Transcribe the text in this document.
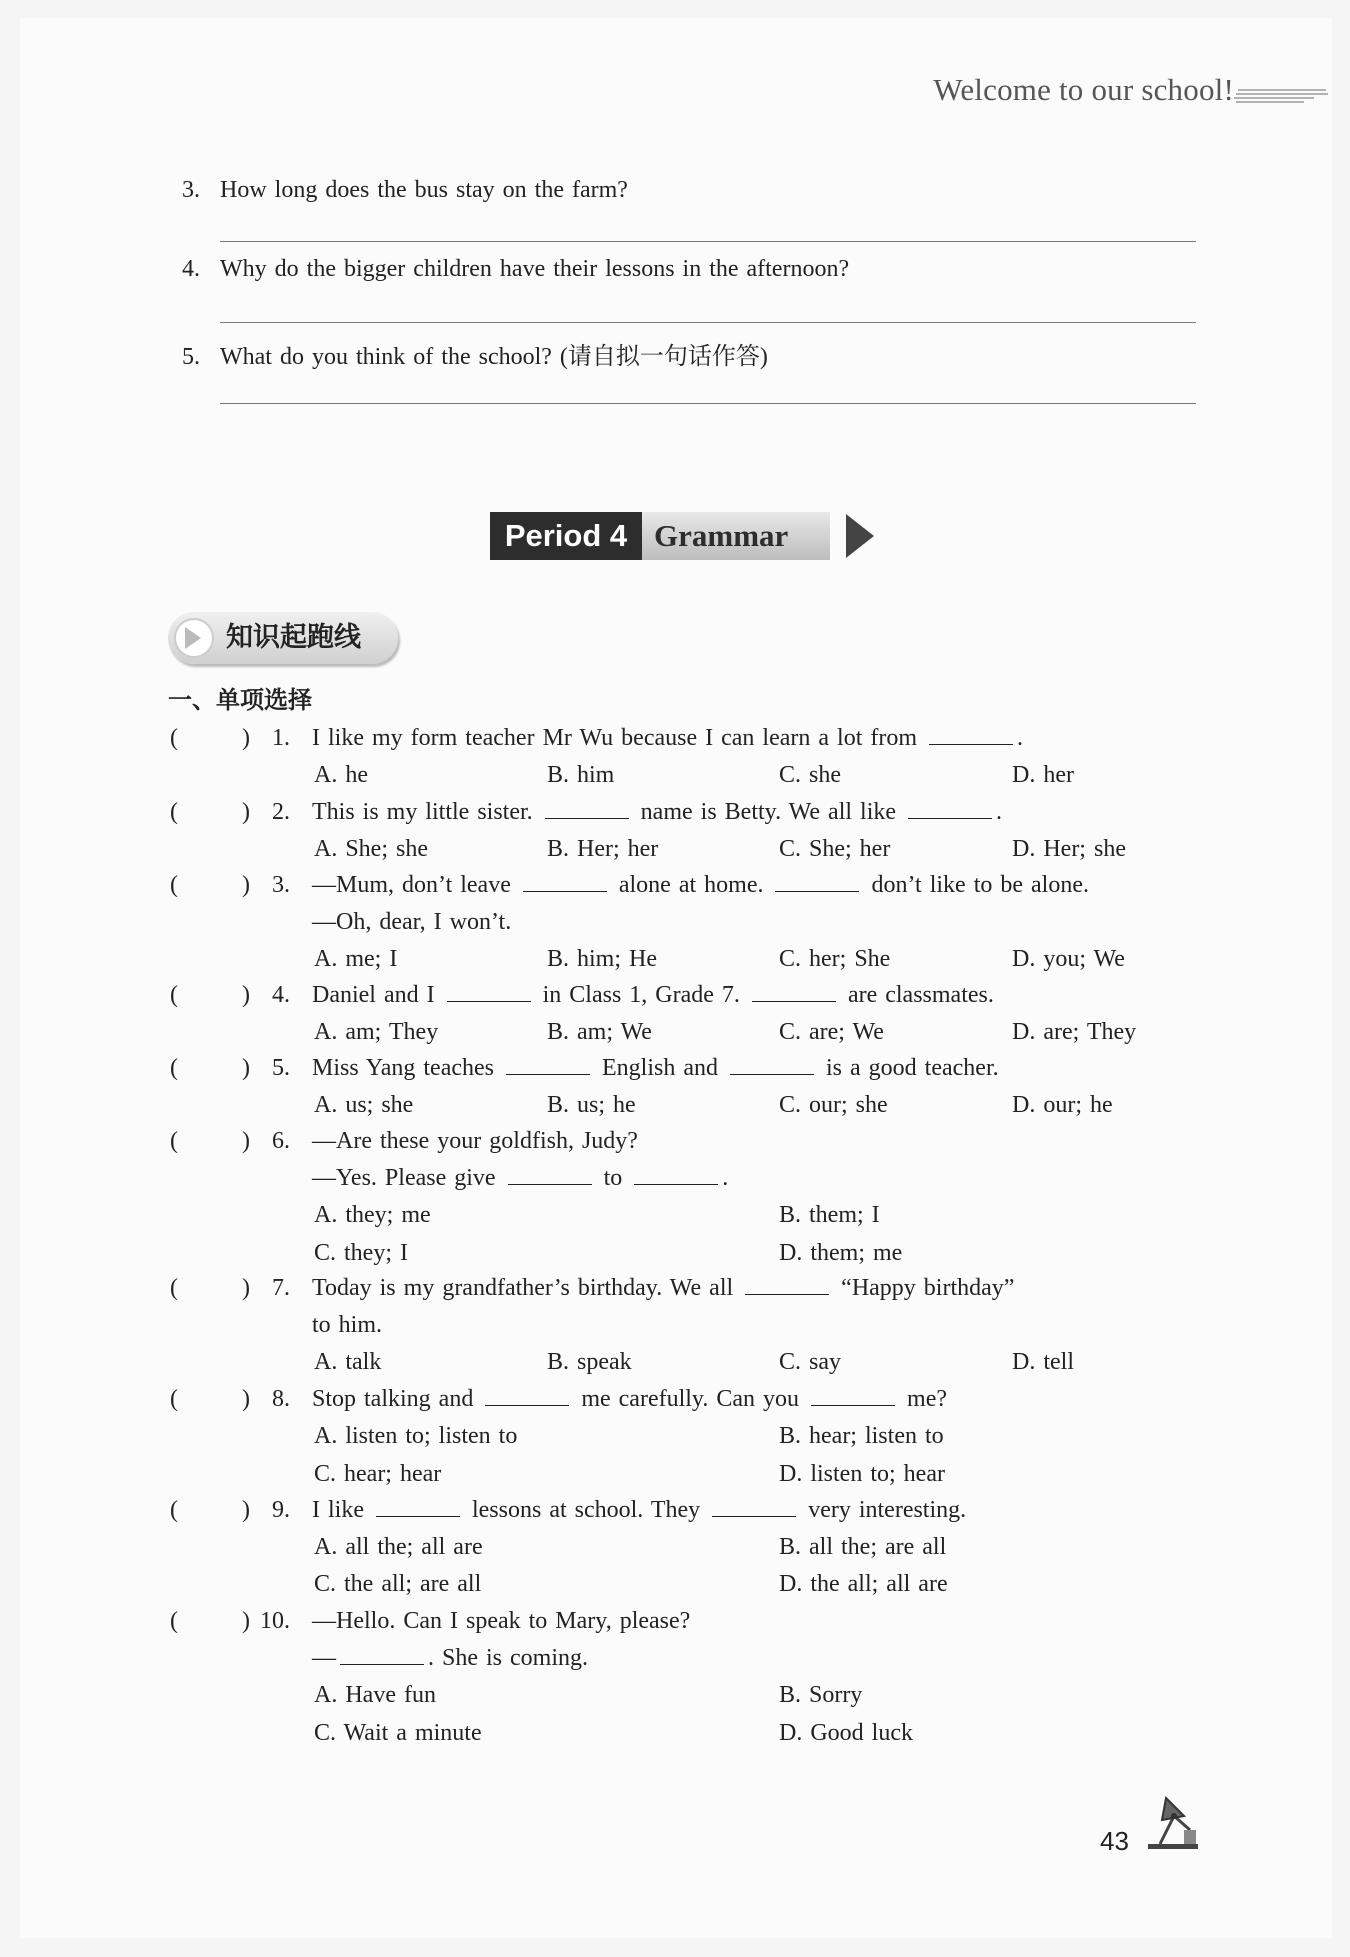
Welcome to our school!
3. How long does the bus stay on the farm?
4. Why do the bigger children have their lessons in the afternoon?
5. What do you think of the school? (请自拟一句话作答)
Period 4 Grammar
知识起跑线
一、单项选择
(	) 1. I like my form teacher Mr Wu because I can learn a lot from	.
A. he	B. him	C. she	D. her
(	) 2. This is my little sister.	name is Betty. We all like	.
A. She; she	B. Her; her	C. She; her	D. Her; she
(	) 3. —Mum, don’t leave	alone at home.	don’t like to be alone.
—Oh, dear, I won’t.
A. me; I	B. him; He	C. her; She	D. you; We
(	) 4. Daniel and I	in Class 1, Grade 7.	are classmates.
A. am; They	B. am; We	C. are; We	D. are; They
(	) 5. Miss Yang teaches	English and	is a good teacher.
A. us; she	B. us; he	C. our; she	D. our; he
(	) 6. —Are these your goldfish, Judy?
—Yes. Please give	to	.
A. they; me	B. them; I
C. they; I	D. them; me
(	) 7. Today is my grandfather’s birthday. We all	“Happy birthday”
to him.
A. talk	B. speak	C. say	D. tell
(	) 8. Stop talking and	me carefully. Can you	me?
A. listen to; listen to	B. hear; listen to
C. hear; hear	D. listen to; hear
(	) 9. I like	lessons at school. They	very interesting.
A. all the; all are	B. all the; are all
C. the all; are all	D. the all; all are
(	) 10. —Hello. Can I speak to Mary, please?
—	. She is coming.
A. Have fun	B. Sorry
C. Wait a minute	D. Good luck
43
